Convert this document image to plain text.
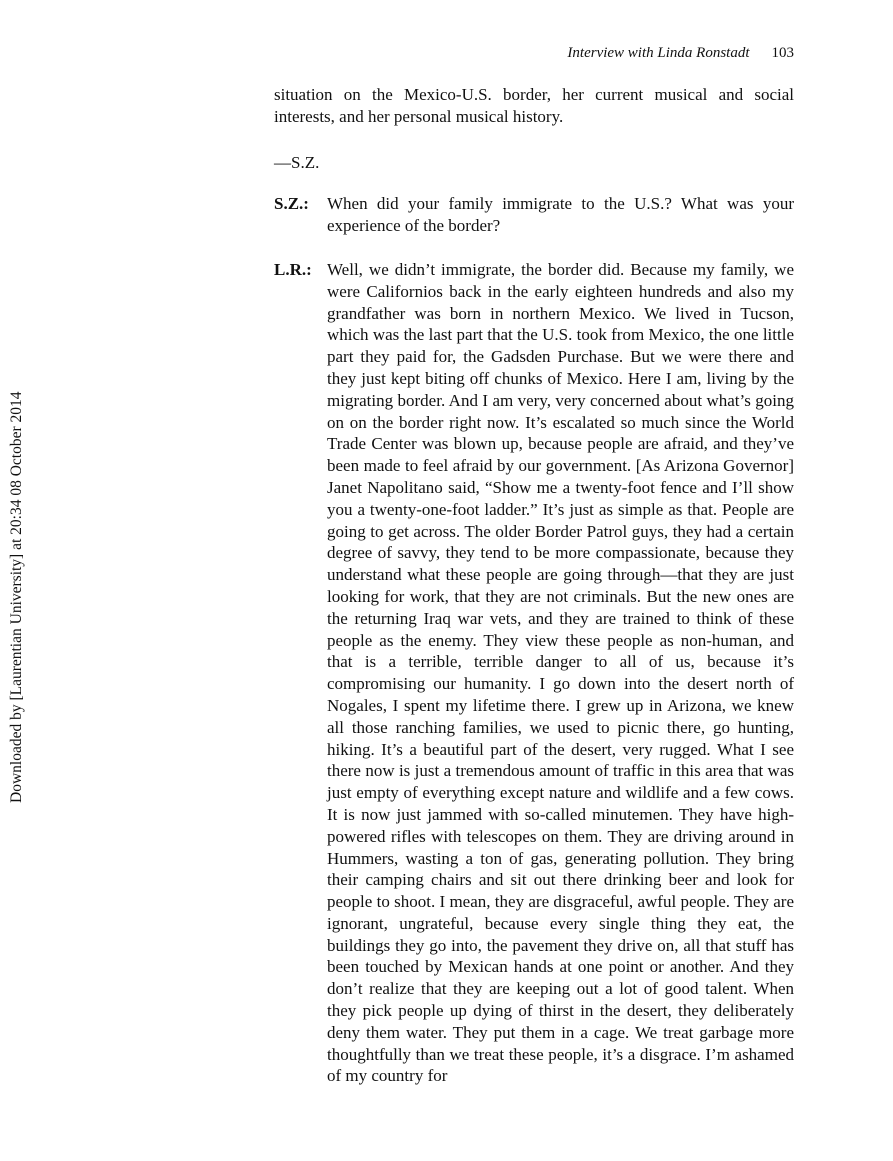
Interview with Linda Ronstadt 103
Downloaded by [Laurentian University] at 20:34 08 October 2014

situation on the Mexico-U.S. border, her current musical and social interests, and her personal musical history.

—S.Z.

S.Z.:	When did your family immigrate to the U.S.? What was your experience of the border?

L.R.: Well, we didn’t immigrate, the border did. Because my family, we were Californios back in the early eighteen hundreds and also my grandfather was born in northern Mexico. We lived in Tucson, which was the last part that the U.S. took from Mexico, the one little part they paid for, the Gadsden Purchase. But we were there and they just kept biting off chunks of Mexico. Here I am, living by the migrating border. And I am very, very concerned about what’s going on on the border right now. It’s escalated so much since the World Trade Center was blown up, because people are afraid, and they’ve been made to feel afraid by our government. [As Arizona Governor] Janet Napolitano said, “Show me a twenty-foot fence and I’ll show you a twenty-one-foot ladder.” It’s just as simple as that. People are going to get across. The older Border Patrol guys, they had a certain degree of savvy, they tend to be more compassionate, because they understand what these people are going through—that they are just looking for work, that they are not criminals. But the new ones are the returning Iraq war vets, and they are trained to think of these people as the enemy. They view these people as non-human, and that is a terrible, terrible danger to all of us, because it’s compromising our humanity. I go down into the desert north of Nogales, I spent my lifetime there. I grew up in Arizona, we knew all those ranching families, we used to picnic there, go hunting, hiking. It’s a beautiful part of the desert, very rugged. What I see there now is just a tremendous amount of traffic in this area that was just empty of everything except nature and wildlife and a few cows. It is now just jammed with so-called minutemen. They have high-powered rifles with telescopes on them. They are driving around in Hummers, wasting a ton of gas, generating pollution. They bring their camping chairs and sit out there drinking beer and look for people to shoot. I mean, they are disgraceful, awful people. They are ignorant, ungrateful, because every single thing they eat, the buildings they go into, the pavement they drive on, all that stuff has been touched by Mexican hands at one point or another. And they don’t realize that they are keeping out a lot of good talent. When they pick people up dying of thirst in the desert, they deliberately deny them water. They put them in a cage. We treat garbage more thoughtfully than we treat these people, it’s a disgrace. I’m ashamed of my country for
